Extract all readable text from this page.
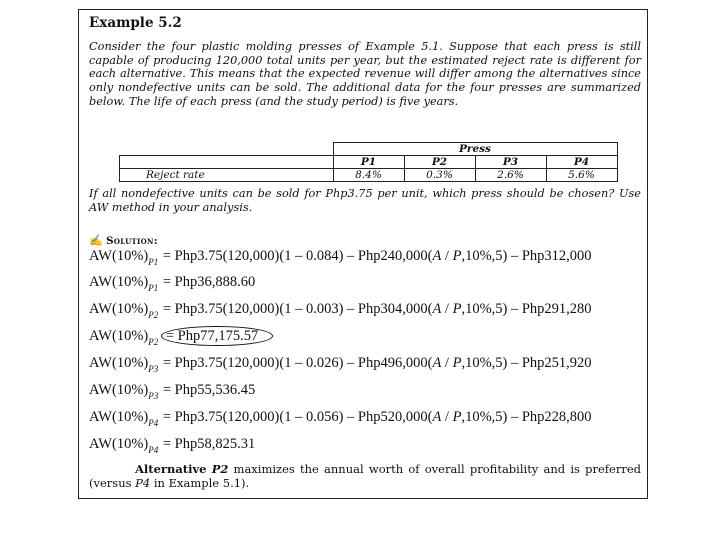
Example 5.2
Consider the four plastic molding presses of Example 5.1. Suppose that each press is still capable of producing 120,000 total units per year, but the estimated reject rate is different for each alternative. This means that the expected revenue will differ among the alternatives since only nondefective units can be sold. The additional data for the four presses are summarized below. The life of each press (and the study period) is five years.
	Press			
	P1	P2	P3	P4
Reject rate	8.4%	0.3%	2.6%	5.6%
If all nondefective units can be sold for Php3.75 per unit, which press should be chosen? Use AW method in your analysis.
✍ Solution:
$AW(10\%)_{P1} = Php3.75(120,000)(1 - 0.084) - Php240,000(A / P,10\%,5) - Php312,000$
$AW(10\%)_{P1} = Php36,888.60$
$AW(10\%)_{P2} = Php3.75(120,000)(1 - 0.003) - Php304,000(A / P,10\%,5) - Php291,280$
$AW(10\%)_{P2} = Php77,175.57$
$AW(10\%)_{P3} = Php3.75(120,000)(1 - 0.026) - Php496,000(A / P,10\%,5) - Php251,920$
$AW(10\%)_{P3} = Php55,536.45$
$AW(10\%)_{P4} = Php3.75(120,000)(1 - 0.056) - Php520,000(A / P,10\%,5) - Php228,800$
$AW(10\%)_{P4} = Php58,825.31$
Alternative P2 maximizes the annual worth of overall profitability and is preferred (versus P4 in Example 5.1).
